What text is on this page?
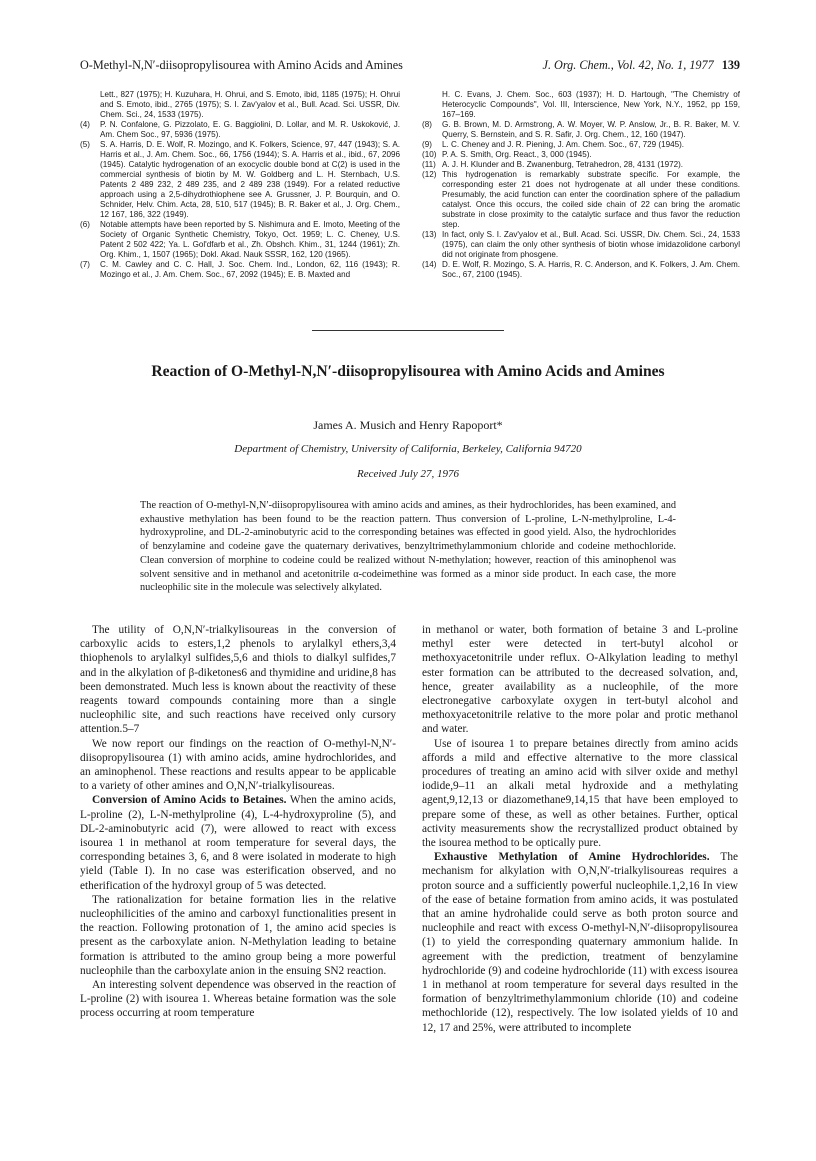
O-Methyl-N,N′-diisopropylisourea with Amino Acids and Amines	J. Org. Chem., Vol. 42, No. 1, 1977 139
Lett., 827 (1975); H. Kuzuhara, H. Ohrui, and S. Emoto, ibid, 1185 (1975); H. Ohrui and S. Emoto, ibid., 2765 (1975); S. I. Zav'yalov et al., Bull. Acad. Sci. USSR, Div. Chem. Sci., 24, 1533 (1975).
(4)	P. N. Confalone, G. Pizzolato, E. G. Baggiolini, D. Lollar, and M. R. Uskoković, J. Am. Chem Soc., 97, 5936 (1975).
(5)	S. A. Harris, D. E. Wolf, R. Mozingo, and K. Folkers, Science, 97, 447 (1943); S. A. Harris et al., J. Am. Chem. Soc., 66, 1756 (1944); S. A. Harris et al., ibid., 67, 2096 (1945). Catalytic hydrogenation of an exocyclic double bond at C(2) is used in the commercial synthesis of biotin by M. W. Goldberg and L. H. Sternbach, U.S. Patents 2 489 232, 2 489 235, and 2 489 238 (1949). For a related reductive approach using a 2,5-dihydrothiophene see A. Grussner, J. P. Bourquin, and O. Schnider, Helv. Chim. Acta, 28, 510, 517 (1945); B. R. Baker et al., J. Org. Chem., 12 167, 186, 322 (1949).
(6)	Notable attempts have been reported by S. Nishimura and E. Imoto, Meeting of the Society of Organic Synthetic Chemistry, Tokyo, Oct. 1959; L. C. Cheney, U.S. Patent 2 502 422; Ya. L. Gol'dfarb et al., Zh. Obshch. Khim., 31, 1244 (1961); Zh. Org. Khim., 1, 1507 (1965); Dokl. Akad. Nauk SSSR, 162, 120 (1965).
(7)	C. M. Cawley and C. C. Hall, J. Soc. Chem. Ind., London, 62, 116 (1943); R. Mozingo et al., J. Am. Chem. Soc., 67, 2092 (1945); E. B. Maxted and
H. C. Evans, J. Chem. Soc., 603 (1937); H. D. Hartough, "The Chemistry of Heterocyclic Compounds", Vol. III, Interscience, New York, N.Y., 1952, pp 159, 167–169.
(8)	G. B. Brown, M. D. Armstrong, A. W. Moyer, W. P. Anslow, Jr., B. R. Baker, M. V. Querry, S. Bernstein, and S. R. Safir, J. Org. Chem., 12, 160 (1947).
(9)	L. C. Cheney and J. R. Piening, J. Am. Chem. Soc., 67, 729 (1945).
(10) P. A. S. Smith, Org. React., 3, 000 (1945).
(11) A. J. H. Klunder and B. Zwanenburg, Tetrahedron, 28, 4131 (1972).
(12) This hydrogenation is remarkably substrate specific. For example, the corresponding ester 21 does not hydrogenate at all under these conditions. Presumably, the acid function can enter the coordination sphere of the palladium catalyst. Once this occurs, the coiled side chain of 22 can bring the aromatic substrate in close proximity to the catalytic surface and thus favor the reduction step.
(13) In fact, only S. I. Zav'yalov et al., Bull. Acad. Sci. USSR, Div. Chem. Sci., 24, 1533 (1975), can claim the only other synthesis of biotin whose imidazolidone carbonyl did not originate from phosgene.
(14) D. E. Wolf, R. Mozingo, S. A. Harris, R. C. Anderson, and K. Folkers, J. Am. Chem. Soc., 67, 2100 (1945).
Reaction of O-Methyl-N,N′-diisopropylisourea with Amino Acids and Amines
James A. Musich and Henry Rapoport*
Department of Chemistry, University of California, Berkeley, California 94720
Received July 27, 1976
The reaction of O-methyl-N,N′-diisopropylisourea with amino acids and amines, as their hydrochlorides, has been examined, and exhaustive methylation has been found to be the reaction pattern. Thus conversion of L-proline, L-N-methylproline, L-4-hydroxyproline, and DL-2-aminobutyric acid to the corresponding betaines was effected in good yield. Also, the hydrochlorides of benzylamine and codeine gave the quaternary derivatives, benzyltrimethylammonium chloride and codeine methochloride. Clean conversion of morphine to codeine could be realized without N-methylation; however, reaction of this aminophenol was solvent sensitive and in methanol and acetonitrile α-codeimethine was formed as a minor side product. In each case, the more nucleophilic site in the molecule was selectively alkylated.

The utility of O,N,N′-trialkylisoureas in the conversion of carboxylic acids to esters,1,2 phenols to arylalkyl ethers,3,4 thiophenols to arylalkyl sulfides,5,6 and thiols to dialkyl sulfides,7 and in the alkylation of β-diketones6 and thymidine and uridine,8 has been demonstrated. Much less is known about the reactivity of these reagents toward compounds containing more than a single nucleophilic site, and such reactions have received only cursory attention.5–7

We now report our findings on the reaction of O-methyl-N,N′-diisopropylisourea (1) with amino acids, amine hydrochlorides, and an aminophenol. These reactions and results appear to be applicable to a variety of other amines and O,N,N′-trialkylisoureas.

Conversion of Amino Acids to Betaines. When the amino acids, L-proline (2), L-N-methylproline (4), L-4-hydroxyproline (5), and DL-2-aminobutyric acid (7), were allowed to react with excess isourea 1 in methanol at room temperature for several days, the corresponding betaines 3, 6, and 8 were isolated in moderate to high yield (Table I). In no case was esterification observed, and no etherification of the hydroxyl group of 5 was detected.

The rationalization for betaine formation lies in the relative nucleophilicities of the amino and carboxyl functionalities present in the reaction. Following protonation of 1, the amino acid species is present as the carboxylate anion. N-Methylation leading to betaine formation is attributed to the amino group being a more powerful nucleophile than the carboxylate anion in the ensuing SN2 reaction.

An interesting solvent dependence was observed in the reaction of L-proline (2) with isourea 1. Whereas betaine formation was the sole process occurring at room temperature

in methanol or water, both formation of betaine 3 and L-proline methyl ester were detected in tert-butyl alcohol or methoxyacetonitrile under reflux. O-Alkylation leading to methyl ester formation can be attributed to the decreased solvation, and, hence, greater availability as a nucleophile, of the more electronegative carboxylate oxygen in tert-butyl alcohol and methoxyacetonitrile relative to the more polar and protic methanol and water.

Use of isourea 1 to prepare betaines directly from amino acids affords a mild and effective alternative to the more classical procedures of treating an amino acid with silver oxide and methyl iodide,9–11 an alkali metal hydroxide and a methylating agent,9,12,13 or diazomethane9,14,15 that have been employed to prepare some of these, as well as other betaines. Further, optical activity measurements show the recrystallized product obtained by the isourea method to be optically pure.

Exhaustive Methylation of Amine Hydrochlorides. The mechanism for alkylation with O,N,N′-trialkylisoureas requires a proton source and a sufficiently powerful nucleophile.1,2,16 In view of the ease of betaine formation from amino acids, it was postulated that an amine hydrohalide could serve as both proton source and nucleophile and react with excess O-methyl-N,N′-diisopropylisourea (1) to yield the corresponding quaternary ammonium halide. In agreement with the prediction, treatment of benzylamine hydrochloride (9) and codeine hydrochloride (11) with excess isourea 1 in methanol at room temperature for several days resulted in the formation of benzyltrimethylammonium chloride (10) and codeine methochloride (12), respectively. The low isolated yields of 10 and 12, 17 and 25%, were attributed to incomplete
